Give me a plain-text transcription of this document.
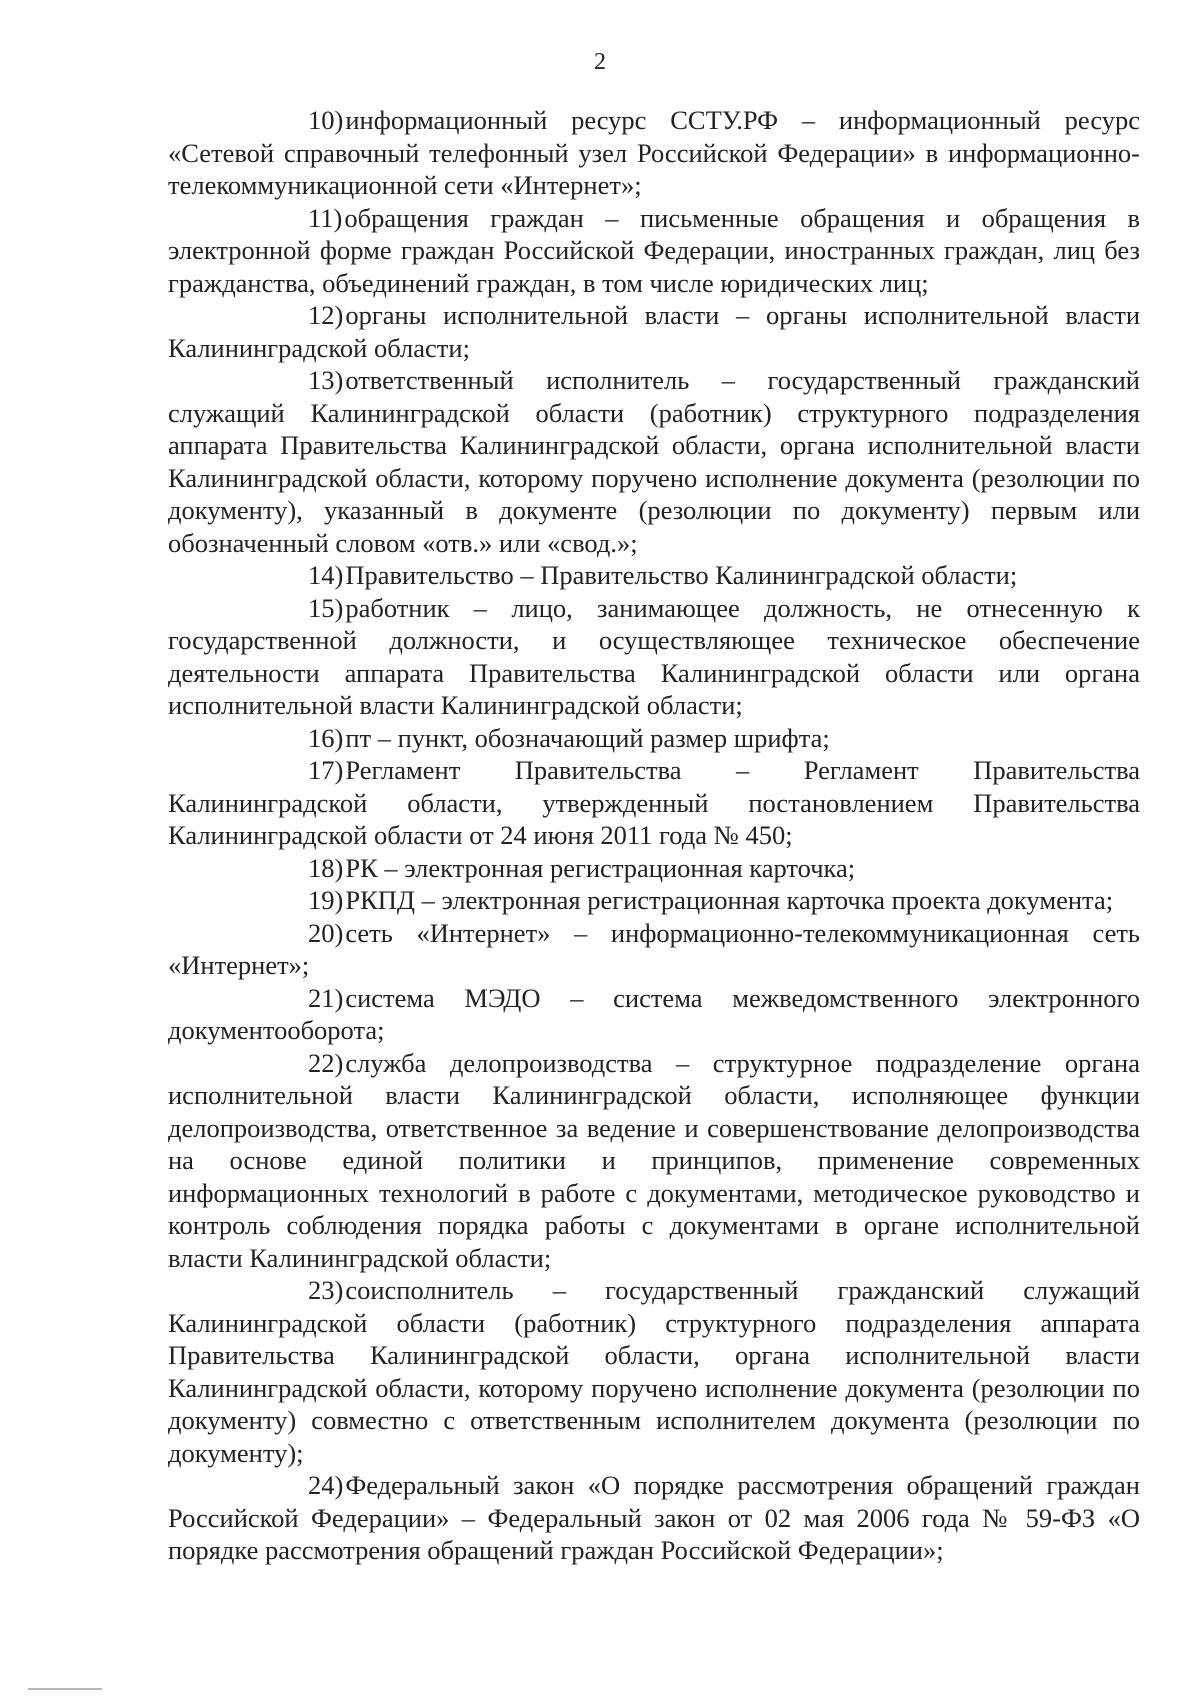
2

10)информационный ресурс ССТУ.РФ – информационный ресурс «Сетевой справочный телефонный узел Российской Федерации» в информационно-телекоммуникационной сети «Интернет»;

11)обращения граждан – письменные обращения и обращения в электронной форме граждан Российской Федерации, иностранных граждан, лиц без гражданства, объединений граждан, в том числе юридических лиц;

12)органы исполнительной власти – органы исполнительной власти Калининградской области;

13)ответственный исполнитель – государственный гражданский служащий Калининградской области (работник) структурного подразделения аппарата Правительства Калининградской области, органа исполнительной власти Калининградской области, которому поручено исполнение документа (резолюции по документу), указанный в документе (резолюции по документу) первым или обозначенный словом «отв.» или «свод.»;

14)Правительство – Правительство Калининградской области;

15)работник – лицо, занимающее должность, не отнесенную к государственной должности, и осуществляющее техническое обеспечение деятельности аппарата Правительства Калининградской области или органа исполнительной власти Калининградской области;

16)пт – пункт, обозначающий размер шрифта;

17)Регламент Правительства – Регламент Правительства Калининградской области, утвержденный постановлением Правительства Калининградской области от 24 июня 2011 года № 450;

18)РК – электронная регистрационная карточка;

19)РКПД – электронная регистрационная карточка проекта документа;

20)сеть «Интернет» – информационно-телекоммуникационная сеть «Интернет»;

21)система МЭДО – система межведомственного электронного документооборота;

22)служба делопроизводства – структурное подразделение органа исполнительной власти Калининградской области, исполняющее функции делопроизводства, ответственное за ведение и совершенствование делопроизводства на основе единой политики и принципов, применение современных информационных технологий в работе с документами, методическое руководство и контроль соблюдения порядка работы с документами в органе исполнительной власти Калининградской области;

23)соисполнитель – государственный гражданский служащий Калининградской области (работник) структурного подразделения аппарата Правительства Калининградской области, органа исполнительной власти Калининградской области, которому поручено исполнение документа (резолюции по документу) совместно с ответственным исполнителем документа (резолюции по документу);

24)Федеральный закон «О порядке рассмотрения обращений граждан Российской Федерации» – Федеральный закон от 02 мая 2006 года № 59-ФЗ «О порядке рассмотрения обращений граждан Российской Федерации»;
